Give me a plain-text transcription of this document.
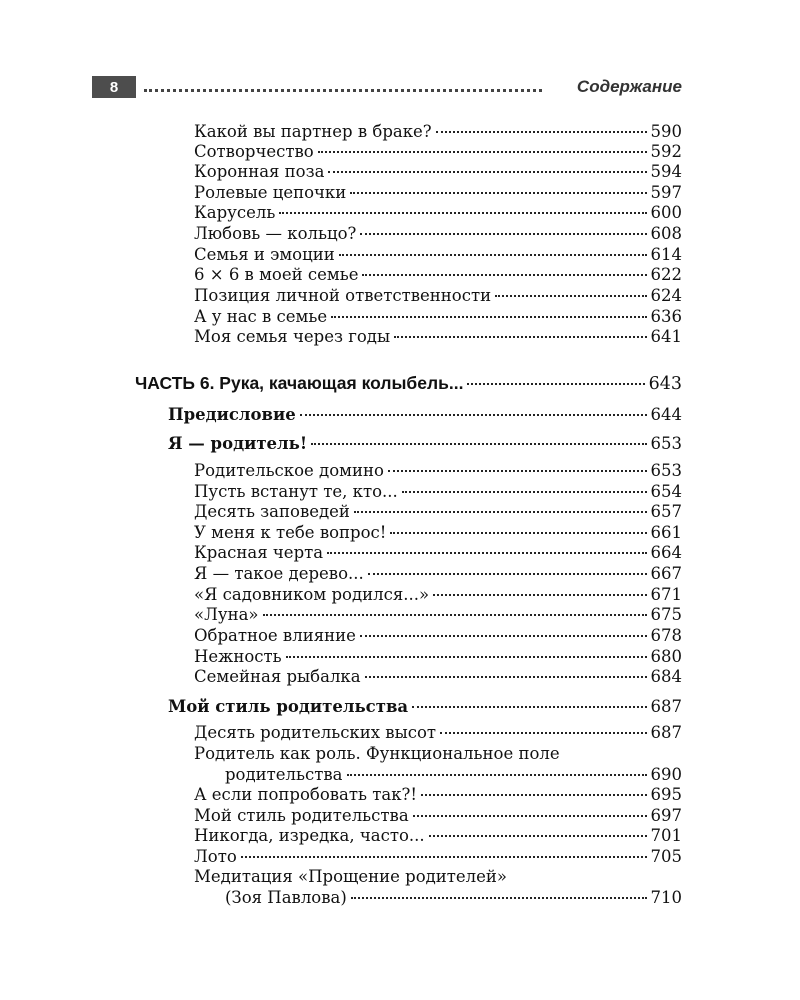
8	Содержание
Какой вы партнер в браке?	590
Сотворчество	592
Коронная поза	594
Ролевые цепочки	597
Карусель	600
Любовь — кольцо?	608
Семья и эмоции	614
6 × 6 в моей семье	622
Позиция личной ответственности	624
А у нас в семье	636
Моя семья через годы	641
ЧАСТЬ 6. Рука, качающая колыбель...	643
Предисловие	644
Я — родитель!	653
Родительское домино	653
Пусть встанут те, кто...	654
Десять заповедей	657
У меня к тебе вопрос!	661
Красная черта	664
Я — такое дерево...	667
«Я садовником родился...»	671
«Луна»	675
Обратное влияние	678
Нежность	680
Семейная рыбалка	684
Мой стиль родительства	687
Десять родительских высот	687
Родитель как роль. Функциональное поле
родительства	690
А если попробовать так?!	695
Мой стиль родительства	697
Никогда, изредка, часто...	701
Лото	705
Медитация «Прощение родителей»
(Зоя Павлова)	710
